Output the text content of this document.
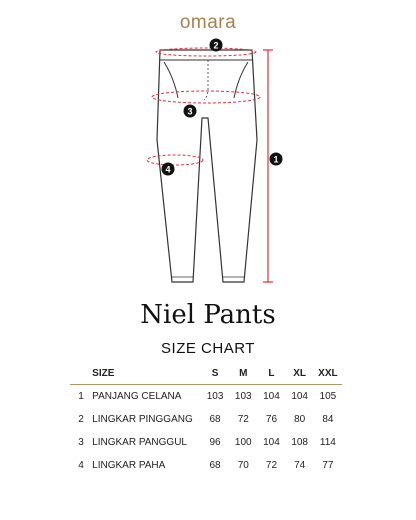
omara
1
2
3
4
Niel Pants
SIZE CHART
	SIZE	S	M	L	XL	XXL
1	PANJANG CELANA	103	103	104	104	105
2	LINGKAR PINGGANG	68	72	76	80	84
3	LINGKAR PANGGUL	96	100	104	108	114
4	LINGKAR PAHA	68	70	72	74	77
